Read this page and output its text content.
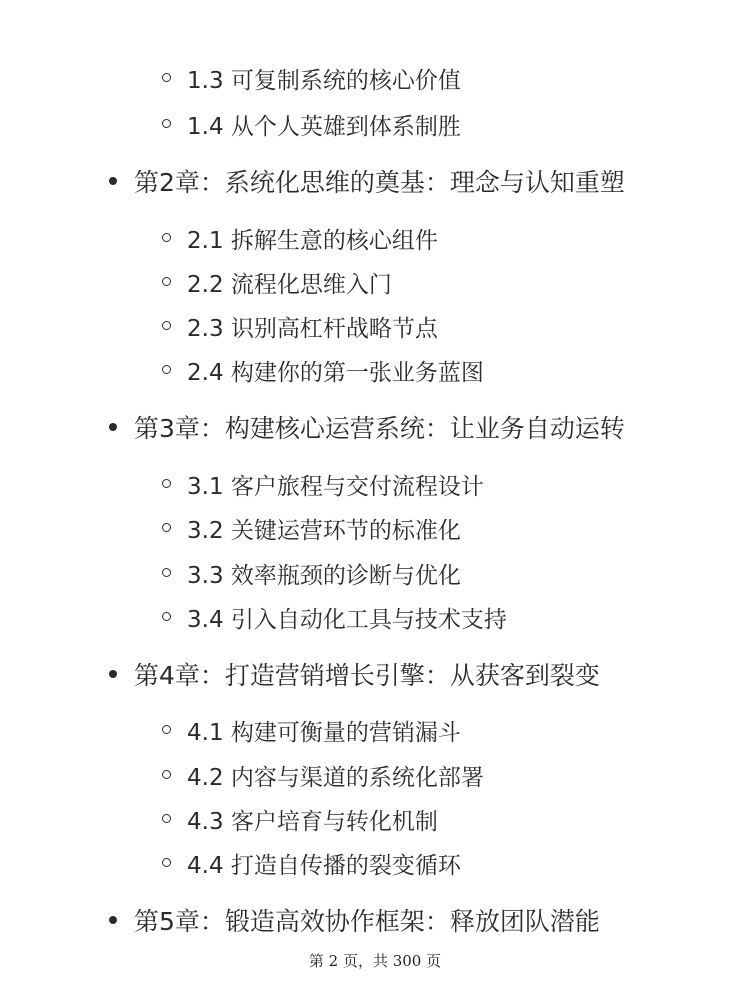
1.3 可复制系统的核心价值
1.4 从个人英雄到体系制胜
第2章：系统化思维的奠基：理念与认知重塑
2.1 拆解生意的核心组件
2.2 流程化思维入门
2.3 识别高杠杆战略节点
2.4 构建你的第一张业务蓝图
第3章：构建核心运营系统：让业务自动运转
3.1 客户旅程与交付流程设计
3.2 关键运营环节的标准化
3.3 效率瓶颈的诊断与优化
3.4 引入自动化工具与技术支持
第4章：打造营销增长引擎：从获客到裂变
4.1 构建可衡量的营销漏斗
4.2 内容与渠道的系统化部署
4.3 客户培育与转化机制
4.4 打造自传播的裂变循环
第5章：锻造高效协作框架：释放团队潜能
第 2 页，共 300 页
